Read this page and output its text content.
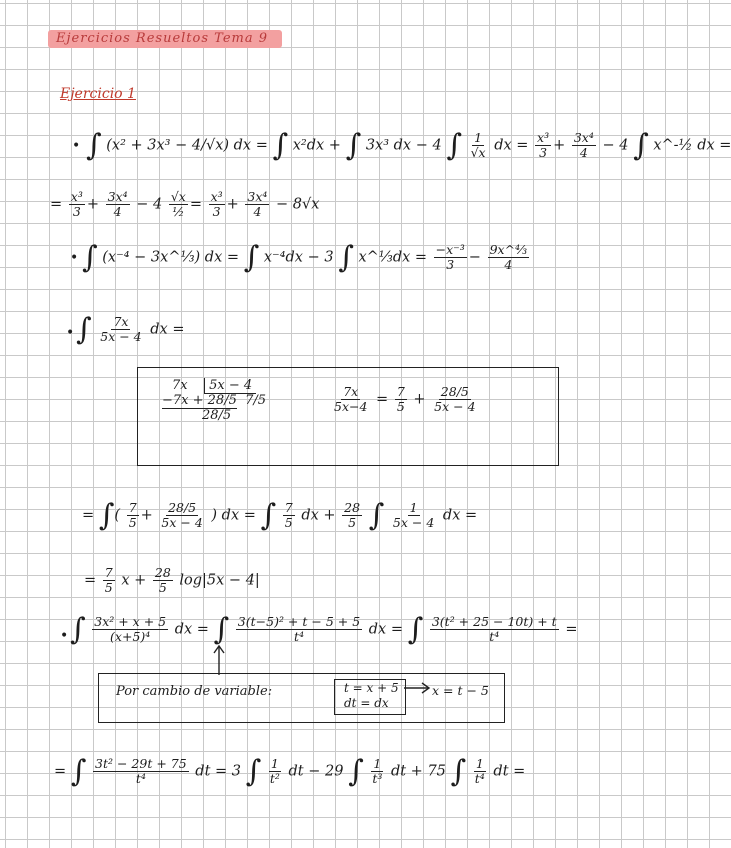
Ejercicios Resueltos Tema 9
Ejercicio 1
• ∫ (x² + 3x³ − 4/√x) dx = ∫ x²dx + ∫ 3x³ dx − 4 ∫ $\frac{1}{√x}$ dx = $\frac{\text{x³}}{3} + \frac{\text{3x⁴}}{4} - 4$ ∫ x^-½ dx =
= $\frac{\text{x³}}{3} + \frac{\text{3x⁴}}{4} - 4 \frac{√x}{\text{½}} = \frac{\text{x³}}{3} + \frac{\text{3x⁴}}{4} - 8√x$
• ∫ (x⁻⁴ − 3x^⅓) dx = ∫ x⁻⁴dx − 3 ∫ x^⅓dx = $\frac{\text{−x⁻³}}{3} - \frac{\text{9x\textasciicircum{}⁴⁄₃}}{4}$
• ∫ $\frac{7x}{5x - 4}$ dx =
7x 5x − 4
−7x + 28/5 7/5
28/5
$\frac{7x}{5x-4} = \frac{7}{5} + \frac{28/5}{5x - 4}$
= ∫( $\frac{7}{5} + \frac{28/5}{5x - 4}$ ) dx = ∫ $\frac{7}{5}$ dx + $\frac{28}{5}$ ∫ $\frac{1}{5x - 4}$ dx =
= $\frac{7}{5}$ $x + \frac{28}{5} \log|5x - 4|$
• ∫ $\frac{\text{3x² + x + 5}}{\text{(x+5)⁴}}$ dx = ∫ $\frac{\text{3(t−5)² + t − 5 + 5}}{\text{t⁴}}$ dx = ∫ $\frac{\text{3(t² + 25 − 10t) + t}}{\text{t⁴}}$ =
Por cambio de variable:	t = x + 5
dt = dx
x = t − 5
= ∫ $\frac{\text{3t² − 29t + 75}}{\text{t⁴}}$ dt = 3 ∫ $\frac{1}{\text{t²}}$ dt − 29 ∫ $\frac{1}{\text{t³}}$ dt + 75 ∫ $\frac{1}{\text{t⁴}}$ dt =
